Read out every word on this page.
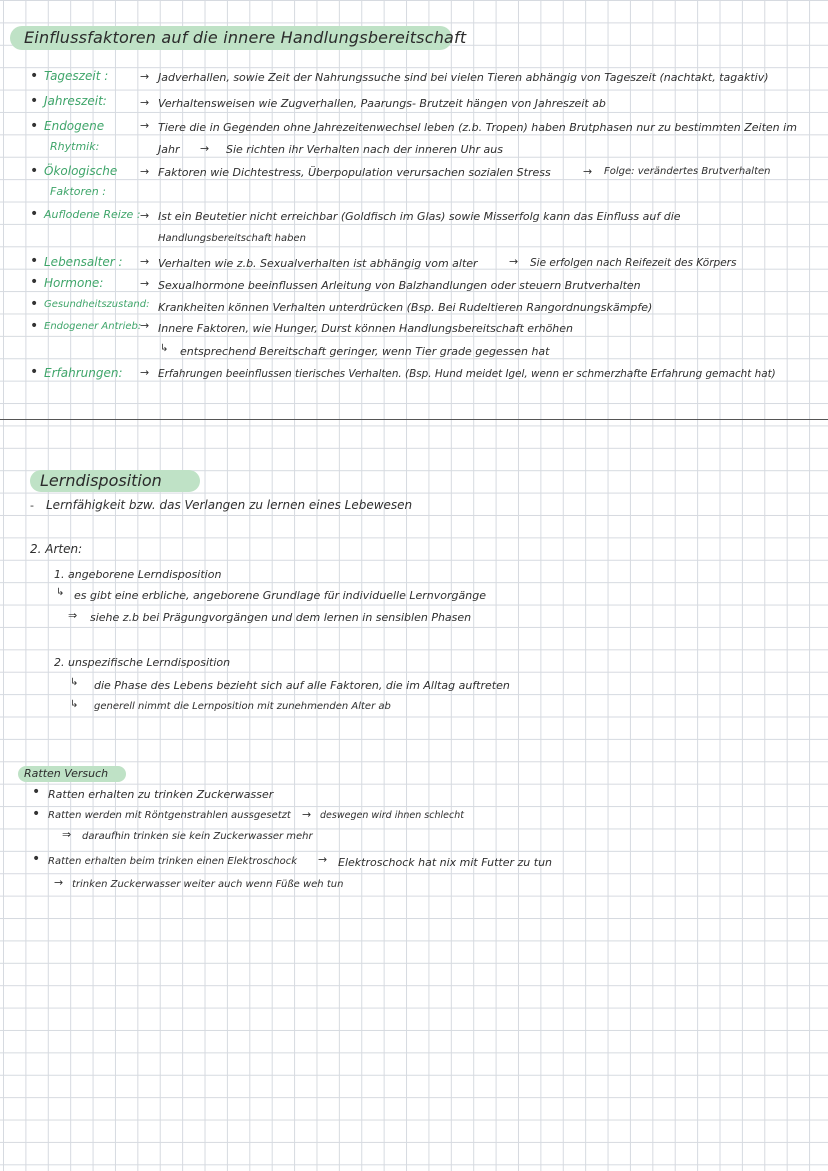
Einflussfaktoren auf die innere Handlungsbereitschaft
• Tageszeit :	→ Jadverhallen, sowie Zeit der Nahrungssuche sind bei vielen Tieren abhängig von Tageszeit (nachtakt, tagaktiv)
• Jahreszeit:	→ Verhaltensweisen wie Zugverhallen, Paarungs- Brutzeit hängen von Jahreszeit ab
• Endogene
Rhytmik:
→ Tiere die in Gegenden ohne Jahrezeitenwechsel leben (z.b. Tropen) haben Brutphasen nur zu bestimmten Zeiten im
Jahr → Sie richten ihr Verhalten nach der inneren Uhr aus
• Ökologische
Faktoren :
→ Faktoren wie Dichtestress, Überpopulation verursachen sozialen Stress	→ Folge: verändertes Brutverhalten
• Auflodene Reize : → Ist ein Beutetier nicht erreichbar (Goldfisch im Glas) sowie Misserfolg kann das Einfluss auf die
Handlungsbereitschaft haben
• Lebensalter : → Verhalten wie z.b. Sexualverhalten ist abhängig vom alter	→ Sie erfolgen nach Reifezeit des Körpers
• Hormone:	→ Sexualhormone beeinflussen Arleitung von Balzhandlungen oder steuern Brutverhalten
• Gesundheitszustand: Krankheiten können Verhalten unterdrücken (Bsp. Bei Rudeltieren Rangordnungskämpfe)
• Endogener Antrieb:
→ Innere Faktoren, wie Hunger, Durst können Handlungsbereitschaft erhöhen
↳ entsprechend Bereitschaft geringer, wenn Tier grade gegessen hat
• Erfahrungen: → Erfahrungen beeinflussen tierisches Verhalten. (Bsp. Hund meidet Igel, wenn er schmerzhafte Erfahrung gemacht hat)
Lerndisposition
- Lernfähigkeit bzw. das Verlangen zu lernen eines Lebewesen
2. Arten:
1. angeborene Lerndisposition
↳ es gibt eine erbliche, angeborene Grundlage für individuelle Lernvorgänge
⇒ siehe z.b bei Prägungvorgängen und dem lernen in sensiblen Phasen
2. unspezifische Lerndisposition
↳ die Phase des Lebens bezieht sich auf alle Faktoren, die im Alltag auftreten
↳ generell nimmt die Lernposition mit zunehmenden Alter ab
Ratten Versuch
• Ratten erhalten zu trinken Zuckerwasser
• Ratten werden mit Röntgenstrahlen aussgesetzt → deswegen wird ihnen schlecht
⇒ daraufhin trinken sie kein Zuckerwasser mehr
• Ratten erhalten beim trinken einen Elektroschock → Elektroschock hat nix mit Futter zu tun
→ trinken Zuckerwasser weiter auch wenn Füße weh tun
